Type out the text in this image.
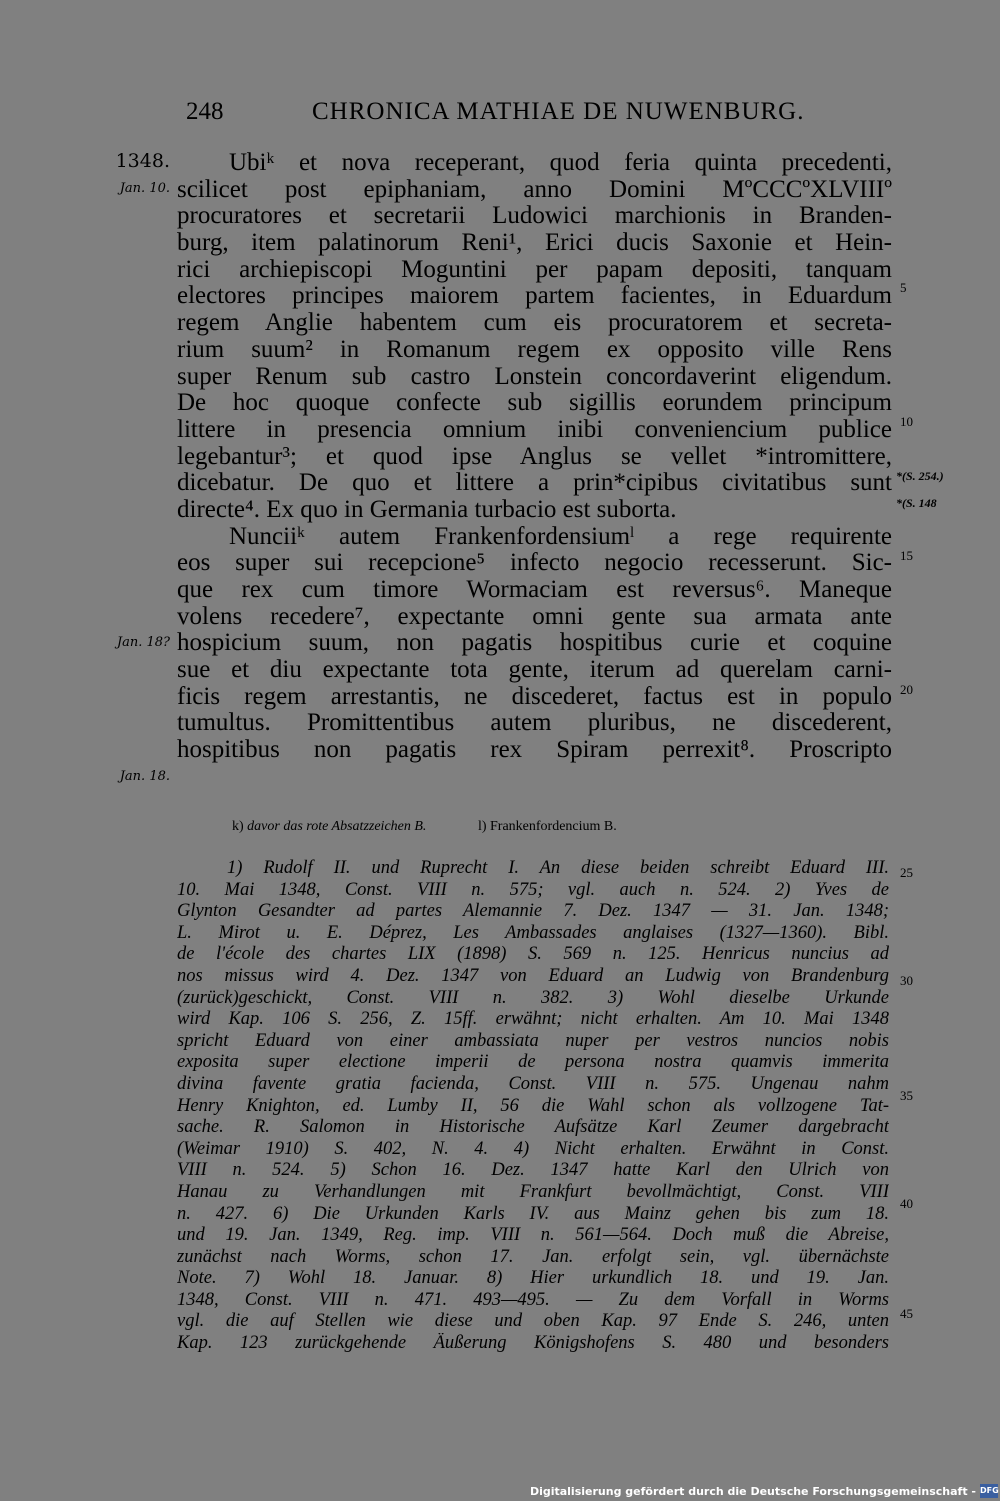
248	CHRONICA MATHIAE DE NUWENBURG.
1348.
Jan. 10.
Jan. 18?
Jan. 18.
*(S. 254.)
*(S. 148
5
10
15
20
25
30
35
40
45
Ubiᵏ et nova receperant, quod feria quinta precedenti,
scilicet post epiphaniam, anno Domini MºCCCºXLVIIIº
procuratores et secretarii Ludowici marchionis in Branden-
burg, item palatinorum Reni¹, Erici ducis Saxonie et Hein-
rici archiepiscopi Moguntini per papam depositi, tanquam
electores principes maiorem partem facientes, in Eduardum
regem Anglie habentem cum eis procuratorem et secreta-
rium suum² in Romanum regem ex opposito ville Rens
super Renum sub castro Lonstein concordaverint eligendum.
De hoc quoque confecte sub sigillis eorundem principum
littere in presencia omnium inibi conveniencium publice
legebantur³; et quod ipse Anglus se vellet *intromittere,
dicebatur. De quo et littere a prin*cipibus civitatibus sunt
directe⁴. Ex quo in Germania turbacio est suborta.
Nunciiᵏ autem Frankenfordensiumˡ a rege requirente
eos super sui recepcione⁵ infecto negocio recesserunt. Sic-
que rex cum timore Wormaciam est reversus⁶. Maneque
volens recedere⁷, expectante omni gente sua armata ante
hospicium suum, non pagatis hospitibus curie et coquine
sue et diu expectante tota gente, iterum ad querelam carni-
ficis regem arrestantis, ne discederet, factus est in populo
tumultus. Promittentibus autem pluribus, ne discederent,
hospitibus non pagatis rex Spiram perrexit⁸. Proscripto
k) davor das rote Absatzzeichen B.	l) Frankenfordencium B.
1) Rudolf II. und Ruprecht I. An diese beiden schreibt Eduard III.
10. Mai 1348, Const. VIII n. 575; vgl. auch n. 524. 2) Yves de
Glynton Gesandter ad partes Alemannie 7. Dez. 1347 — 31. Jan. 1348;
L. Mirot u. E. Déprez, Les Ambassades anglaises (1327—1360). Bibl.
de l'école des chartes LIX (1898) S. 569 n. 125. Henricus nuncius ad
nos missus wird 4. Dez. 1347 von Eduard an Ludwig von Brandenburg
(zurück)geschickt, Const. VIII n. 382. 3) Wohl dieselbe Urkunde
wird Kap. 106 S. 256, Z. 15ff. erwähnt; nicht erhalten. Am 10. Mai 1348
spricht Eduard von einer ambassiata nuper per vestros nuncios nobis
exposita super electione imperii de persona nostra quamvis immerita
divina favente gratia facienda, Const. VIII n. 575. Ungenau nahm
Henry Knighton, ed. Lumby II, 56 die Wahl schon als vollzogene Tat-
sache. R. Salomon in Historische Aufsätze Karl Zeumer dargebracht
(Weimar 1910) S. 402, N. 4. 4) Nicht erhalten. Erwähnt in Const.
VIII n. 524. 5) Schon 16. Dez. 1347 hatte Karl den Ulrich von
Hanau zu Verhandlungen mit Frankfurt bevollmächtigt, Const. VIII
n. 427. 6) Die Urkunden Karls IV. aus Mainz gehen bis zum 18.
und 19. Jan. 1349, Reg. imp. VIII n. 561—564. Doch muß die Abreise,
zunächst nach Worms, schon 17. Jan. erfolgt sein, vgl. übernächste
Note. 7) Wohl 18. Januar. 8) Hier urkundlich 18. und 19. Jan.
1348, Const. VIII n. 471. 493—495. — Zu dem Vorfall in Worms
vgl. die auf Stellen wie diese und oben Kap. 97 Ende S. 246, unten
Kap. 123 zurückgehende Äußerung Königshofens S. 480 und besonders
Digitalisierung gefördert durch die Deutsche Forschungsgemeinschaft - DFG
